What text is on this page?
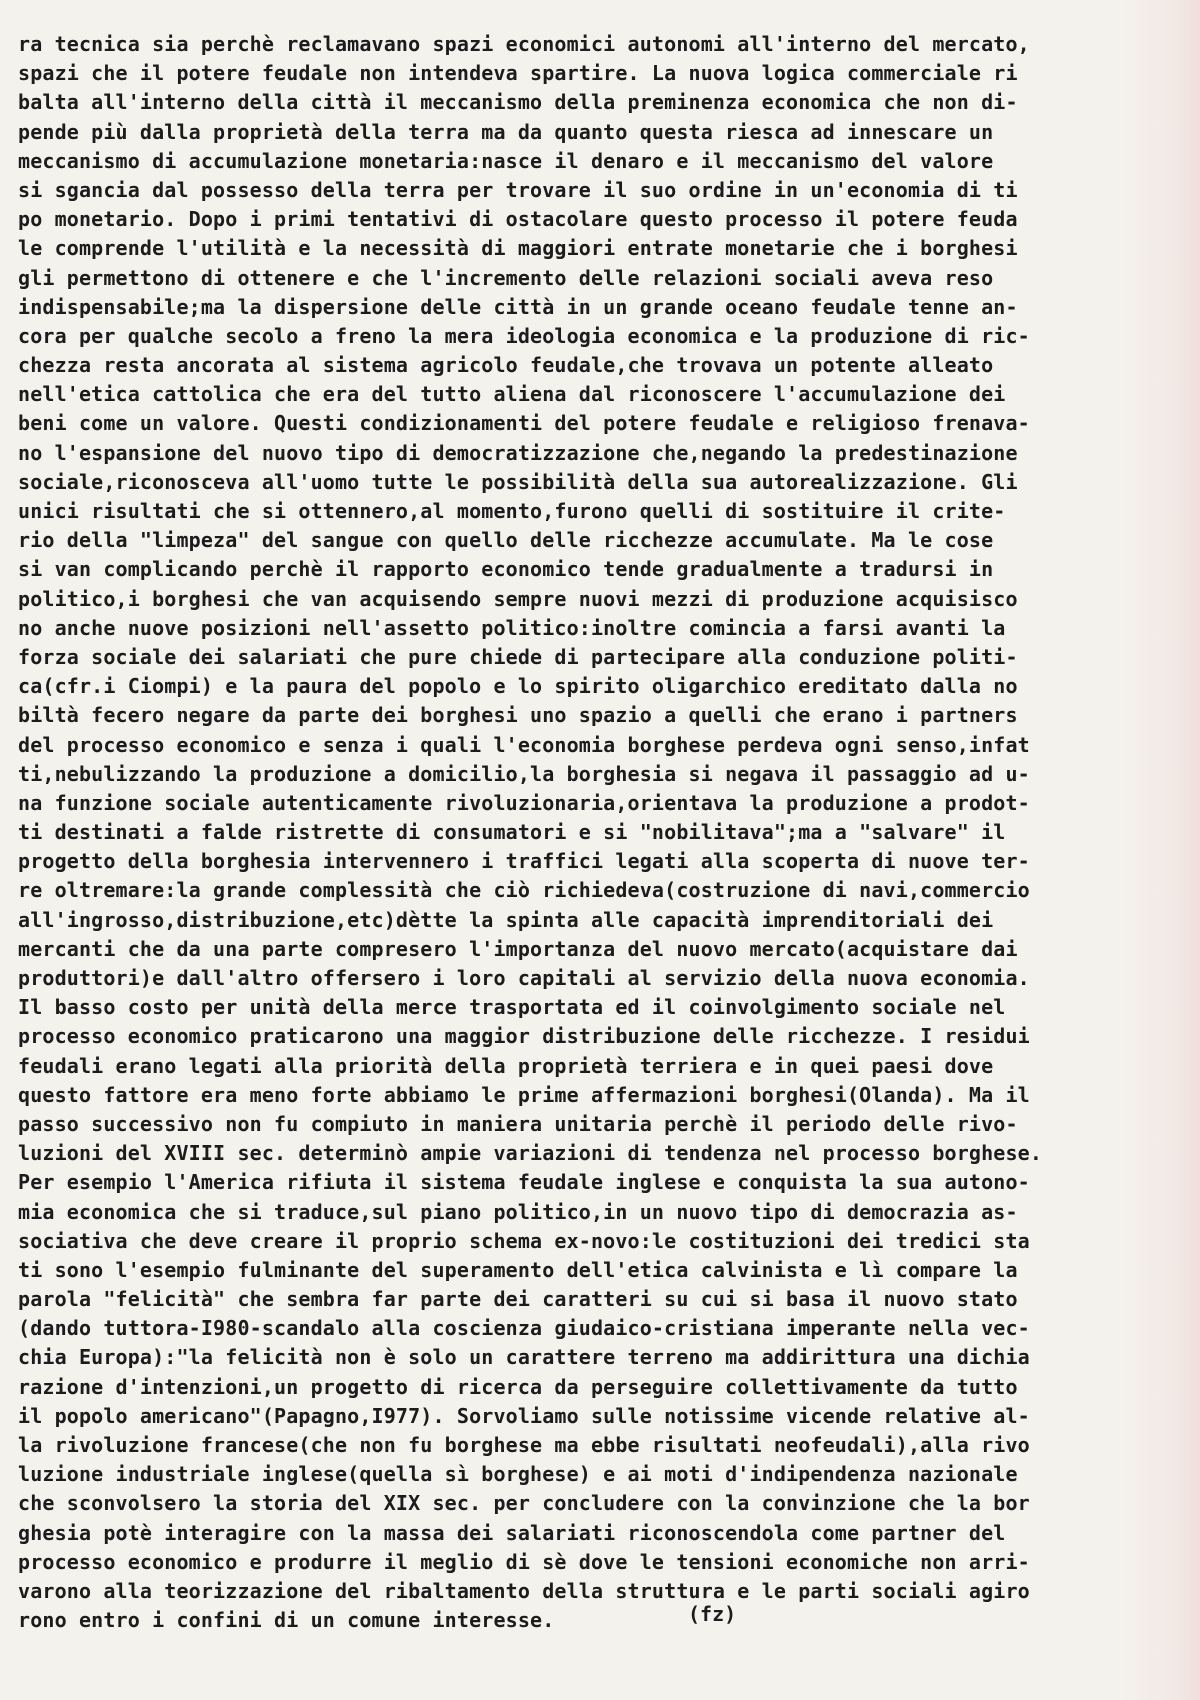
ra tecnica sia perchè reclamavano spazi economici autonomi all'interno del mercato,
spazi che il potere feudale non intendeva spartire. La nuova logica commerciale ri
balta all'interno della città il meccanismo della preminenza economica che non di-
pende più dalla proprietà della terra ma da quanto questa riesca ad innescare un
meccanismo di accumulazione monetaria:nasce il denaro e il meccanismo del valore
si sgancia dal possesso della terra per trovare il suo ordine in un'economia di ti
po monetario. Dopo i primi tentativi di ostacolare questo processo il potere feuda
le comprende l'utilità e la necessità di maggiori entrate monetarie che i borghesi
gli permettono di ottenere e che l'incremento delle relazioni sociali aveva reso
indispensabile;ma la dispersione delle città in un grande oceano feudale tenne an-
cora per qualche secolo a freno la mera ideologia economica e la produzione di ric-
chezza resta ancorata al sistema agricolo feudale,che trovava un potente alleato
nell'etica cattolica che era del tutto aliena dal riconoscere l'accumulazione dei
beni come un valore. Questi condizionamenti del potere feudale e religioso frenava-
no l'espansione del nuovo tipo di democratizzazione che,negando la predestinazione
sociale,riconosceva all'uomo tutte le possibilità della sua autorealizzazione. Gli
unici risultati che si ottennero,al momento,furono quelli di sostituire il crite-
rio della "limpeza" del sangue con quello delle ricchezze accumulate. Ma le cose
si van complicando perchè il rapporto economico tende gradualmente a tradursi in
politico,i borghesi che van acquisendo sempre nuovi mezzi di produzione acquisisco
no anche nuove posizioni nell'assetto politico:inoltre comincia a farsi avanti la
forza sociale dei salariati che pure chiede di partecipare alla conduzione politi-
ca(cfr.i Ciompi) e la paura del popolo e lo spirito oligarchico ereditato dalla no
biltà fecero negare da parte dei borghesi uno spazio a quelli che erano i partners
del processo economico e senza i quali l'economia borghese perdeva ogni senso,infat
ti,nebulizzando la produzione a domicilio,la borghesia si negava il passaggio ad u-
na funzione sociale autenticamente rivoluzionaria,orientava la produzione a prodot-
ti destinati a falde ristrette di consumatori e si "nobilitava";ma a "salvare" il
progetto della borghesia intervennero i traffici legati alla scoperta di nuove ter-
re oltremare:la grande complessità che ciò richiedeva(costruzione di navi,commercio
all'ingrosso,distribuzione,etc)dètte la spinta alle capacità imprenditoriali dei
mercanti che da una parte compresero l'importanza del nuovo mercato(acquistare dai
produttori)e dall'altro offersero i loro capitali al servizio della nuova economia.
Il basso costo per unità della merce trasportata ed il coinvolgimento sociale nel
processo economico praticarono una maggior distribuzione delle ricchezze. I residui
feudali erano legati alla priorità della proprietà terriera e in quei paesi dove
questo fattore era meno forte abbiamo le prime affermazioni borghesi(Olanda). Ma il
passo successivo non fu compiuto in maniera unitaria perchè il periodo delle rivo-
luzioni del XVIII sec. determinò ampie variazioni di tendenza nel processo borghese.
Per esempio l'America rifiuta il sistema feudale inglese e conquista la sua autono-
mia economica che si traduce,sul piano politico,in un nuovo tipo di democrazia as-
sociativa che deve creare il proprio schema ex-novo:le costituzioni dei tredici sta
ti sono l'esempio fulminante del superamento dell'etica calvinista e lì compare la
parola "felicità" che sembra far parte dei caratteri su cui si basa il nuovo stato
(dando tuttora-I980-scandalo alla coscienza giudaico-cristiana imperante nella vec-
chia Europa):"la felicità non è solo un carattere terreno ma addirittura una dichia
razione d'intenzioni,un progetto di ricerca da perseguire collettivamente da tutto
il popolo americano"(Papagno,I977). Sorvoliamo sulle notissime vicende relative al-
la rivoluzione francese(che non fu borghese ma ebbe risultati neofeudali),alla rivo
luzione industriale inglese(quella sì borghese) e ai moti d'indipendenza nazionale
che sconvolsero la storia del XIX sec. per concludere con la convinzione che la bor
ghesia potè interagire con la massa dei salariati riconoscendola come partner del
processo economico e produrre il meglio di sè dove le tensioni economiche non arri-
varono alla teorizzazione del ribaltamento della struttura e le parti sociali agiro
rono entro i confini di un comune interesse.	(fz)
